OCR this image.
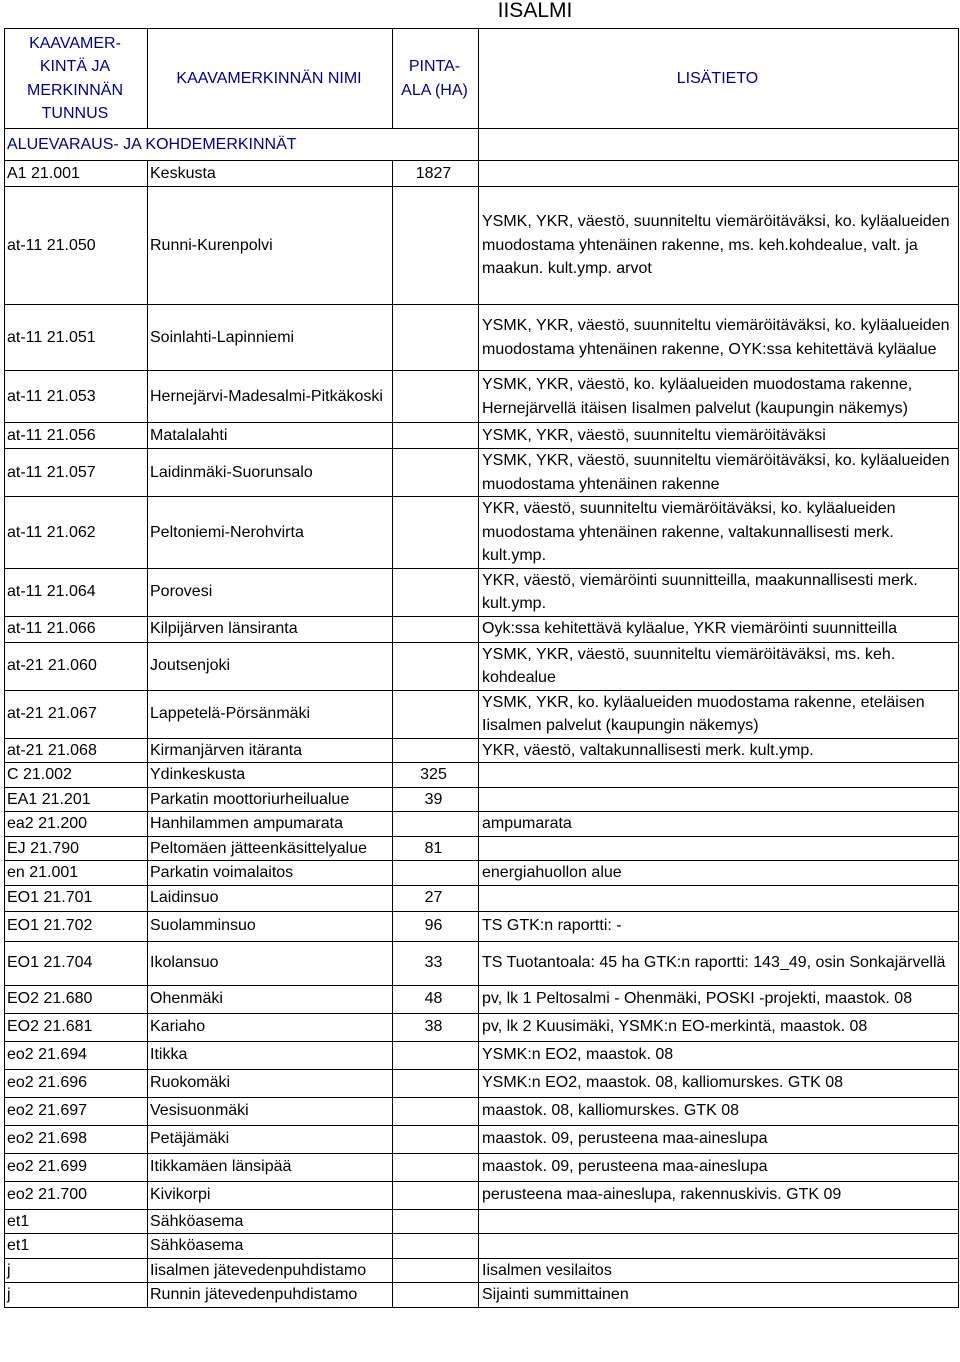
IISALMI
KAAVAMER-KINTÄ JA MERKINNÄN TUNNUS	KAAVAMERKINNÄN NIMI	PINTA-ALA (HA)	LISÄTIETO
ALUEVARAUS- JA KOHDEMERKINNÄT			
A1 21.001	Keskusta	1827	
at-11 21.050	Runni-Kurenpolvi		YSMK, YKR, väestö, suunniteltu viemäröitäväksi, ko. kyläalueiden muodostama yhtenäinen rakenne, ms. keh.kohdealue, valt. ja maakun. kult.ymp. arvot
at-11 21.051	Soinlahti-Lapinniemi		YSMK, YKR, väestö, suunniteltu viemäröitäväksi, ko. kyläalueiden muodostama yhtenäinen rakenne, OYK:ssa kehitettävä kyläalue
at-11 21.053	Hernejärvi-Madesalmi-Pitkäkoski		YSMK, YKR, väestö, ko. kyläalueiden muodostama rakenne, Hernejärvellä itäisen Iisalmen palvelut (kaupungin näkemys)
at-11 21.056	Matalalahti		YSMK, YKR, väestö, suunniteltu viemäröitäväksi
at-11 21.057	Laidinmäki-Suorunsalo		YSMK, YKR, väestö, suunniteltu viemäröitäväksi, ko. kyläalueiden muodostama yhtenäinen rakenne
at-11 21.062	Peltoniemi-Nerohvirta		YKR, väestö, suunniteltu viemäröitäväksi, ko. kyläalueiden muodostama yhtenäinen rakenne, valtakunnallisesti merk. kult.ymp.
at-11 21.064	Porovesi		YKR, väestö, viemäröinti suunnitteilla, maakunnallisesti merk. kult.ymp.
at-11 21.066	Kilpijärven länsiranta		Oyk:ssa kehitettävä kyläalue, YKR viemäröinti suunnitteilla
at-21 21.060	Joutsenjoki		YSMK, YKR, väestö, suunniteltu viemäröitäväksi, ms. keh. kohdealue
at-21 21.067	Lappetelä-Pörsänmäki		YSMK, YKR, ko. kyläalueiden muodostama rakenne, eteläisen Iisalmen palvelut (kaupungin näkemys)
at-21 21.068	Kirmanjärven itäranta		YKR, väestö, valtakunnallisesti merk. kult.ymp.
C 21.002	Ydinkeskusta	325	
EA1 21.201	Parkatin moottoriurheilualue	39	
ea2 21.200	Hanhilammen ampumarata		ampumarata
EJ 21.790	Peltomäen jätteenkäsittelyalue	81	
en 21.001	Parkatin voimalaitos		energiahuollon alue
EO1 21.701	Laidinsuo	27	
EO1 21.702	Suolamminsuo	96	TS GTK:n raportti: -
EO1 21.704	Ikolansuo	33	TS Tuotantoala: 45 ha GTK:n raportti: 143_49, osin Sonkajärvellä
EO2 21.680	Ohenmäki	48	pv, lk 1 Peltosalmi - Ohenmäki, POSKI -projekti, maastok. 08
EO2 21.681	Kariaho	38	pv, lk 2 Kuusimäki, YSMK:n EO-merkintä, maastok. 08
eo2 21.694	Itikka		YSMK:n EO2, maastok. 08
eo2 21.696	Ruokomäki		YSMK:n EO2, maastok. 08, kalliomurskes. GTK 08
eo2 21.697	Vesisuonmäki		maastok. 08, kalliomurskes. GTK 08
eo2 21.698	Petäjämäki		maastok. 09, perusteena maa-aineslupa
eo2 21.699	Itikkamäen länsipää		maastok. 09, perusteena maa-aineslupa
eo2 21.700	Kivikorpi		perusteena maa-aineslupa, rakennuskivis. GTK 09
et1	Sähköasema		
et1	Sähköasema		
j	Iisalmen jätevedenpuhdistamo		Iisalmen vesilaitos
j	Runnin jätevedenpuhdistamo		Sijainti summittainen
